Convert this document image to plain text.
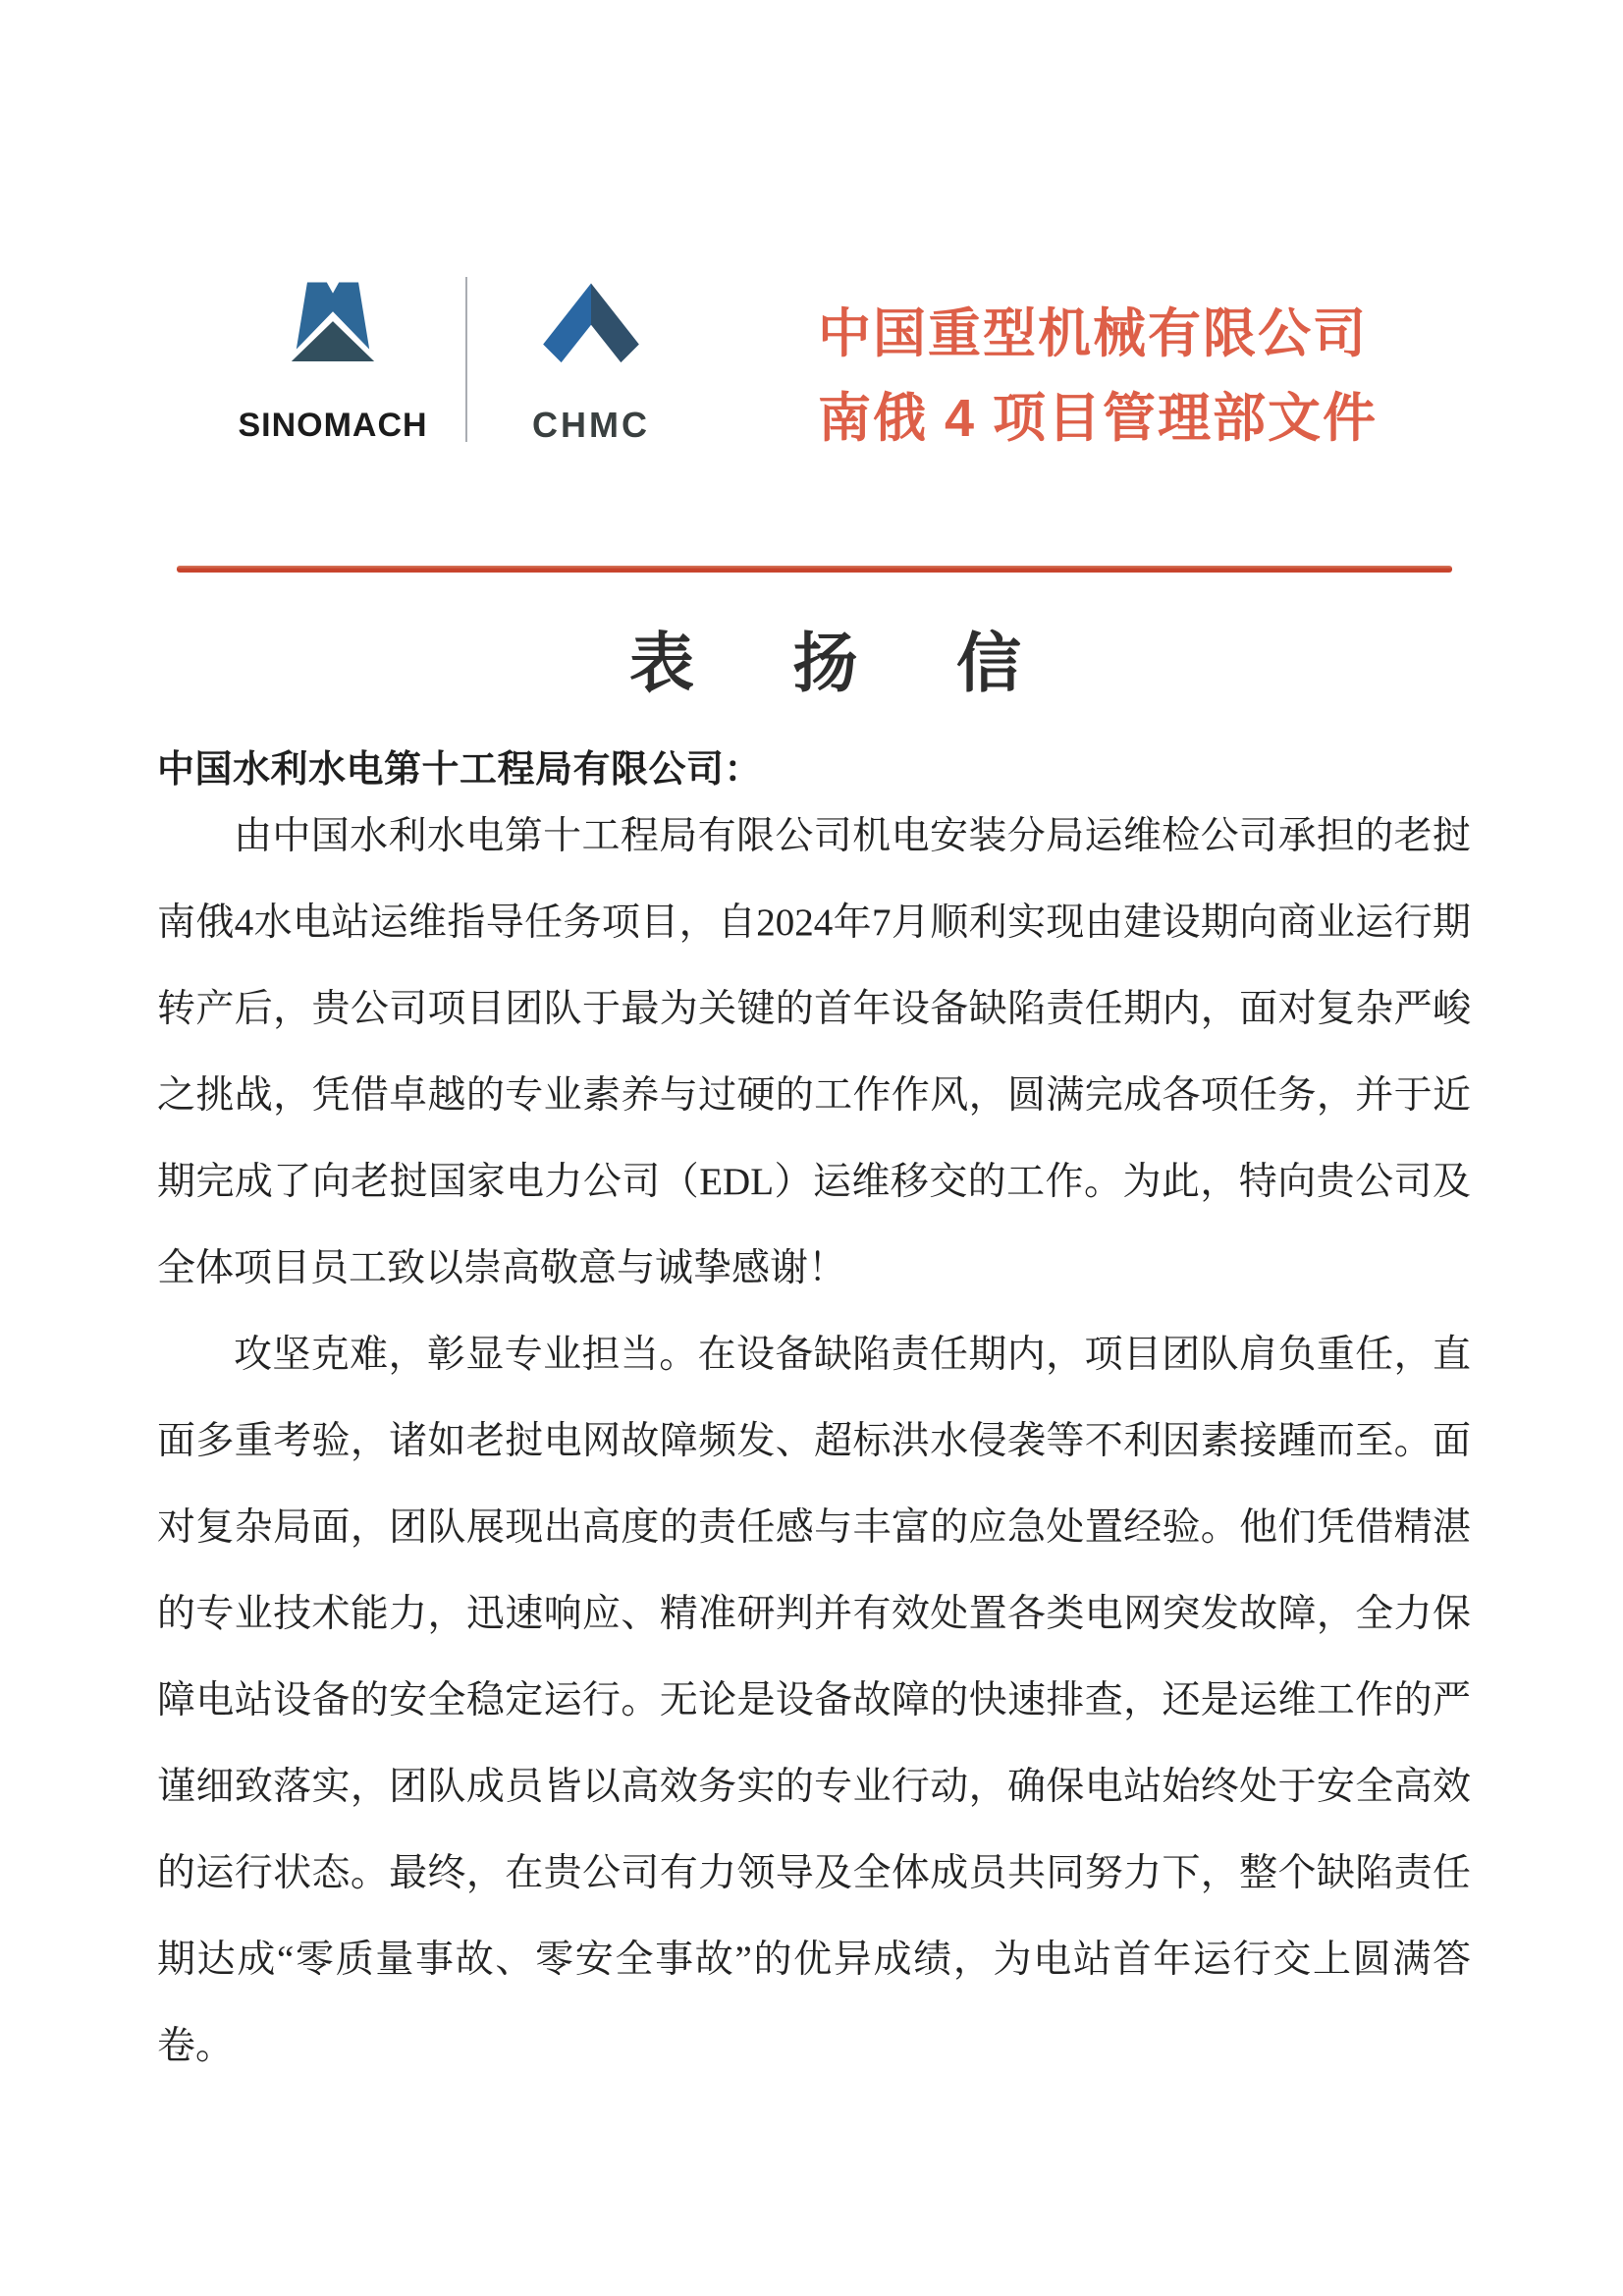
SINOMACH	CHMC
中国重型机械有限公司
南俄 4 项目管理部文件
表 扬 信
中国水利水电第十工程局有限公司：

由中国水利水电第十工程局有限公司机电安装分局运维检公司承担的老挝南俄4水电站运维指导任务项目，自2024年7月顺利实现由建设期向商业运行期转产后，贵公司项目团队于最为关键的首年设备缺陷责任期内，面对复杂严峻之挑战，凭借卓越的专业素养与过硬的工作作风，圆满完成各项任务，并于近期完成了向老挝国家电力公司（EDL）运维移交的工作。为此，特向贵公司及全体项目员工致以崇高敬意与诚挚感谢！

攻坚克难，彰显专业担当。在设备缺陷责任期内，项目团队肩负重任，直面多重考验，诸如老挝电网故障频发、超标洪水侵袭等不利因素接踵而至。面对复杂局面，团队展现出高度的责任感与丰富的应急处置经验。他们凭借精湛的专业技术能力，迅速响应、精准研判并有效处置各类电网突发故障，全力保障电站设备的安全稳定运行。无论是设备故障的快速排查，还是运维工作的严谨细致落实，团队成员皆以高效务实的专业行动，确保电站始终处于安全高效的运行状态。最终，在贵公司有力领导及全体成员共同努力下，整个缺陷责任期达成“零质量事故、零安全事故”的优异成绩，为电站首年运行交上圆满答卷。
